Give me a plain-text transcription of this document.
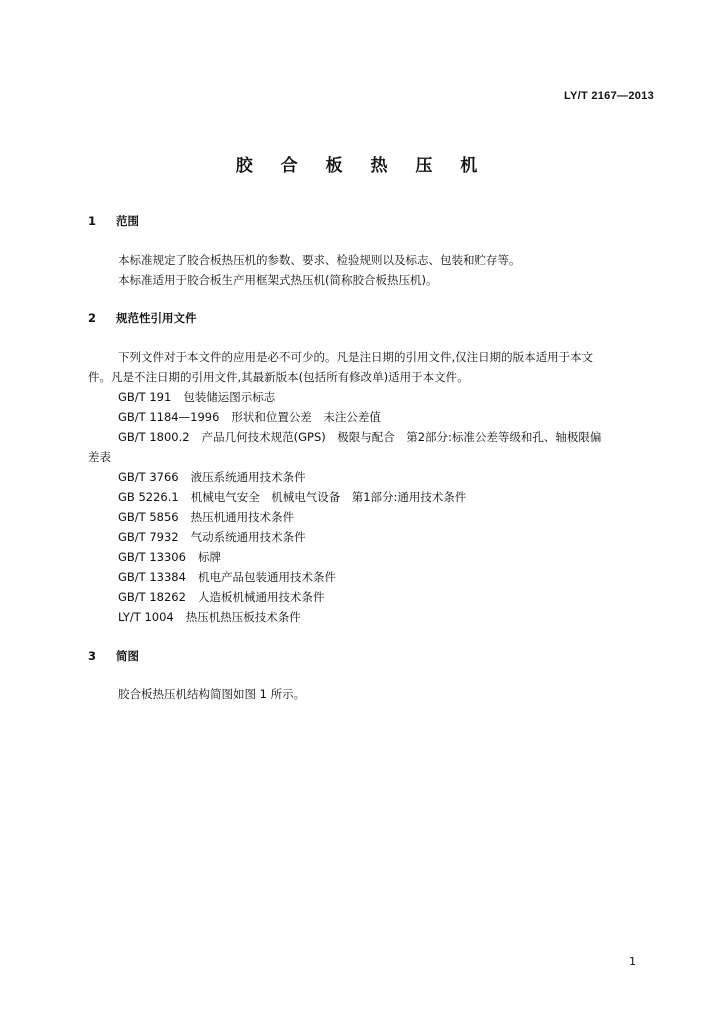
LY/T 2167—2013
胶 合 板 热 压 机
1 范围
本标准规定了胶合板热压机的参数、要求、检验规则以及标志、包装和贮存等。
本标准适用于胶合板生产用框架式热压机(简称胶合板热压机)。
2 规范性引用文件
下列文件对于本文件的应用是必不可少的。凡是注日期的引用文件,仅注日期的版本适用于本文
件。凡是不注日期的引用文件,其最新版本(包括所有修改单)适用于本文件。
GB/T 191 包装储运图示标志
GB/T 1184—1996 形状和位置公差　未注公差值
GB/T 1800.2 产品几何技术规范(GPS)　极限与配合　第2部分:标准公差等级和孔、轴极限偏
差表
GB/T 3766 液压系统通用技术条件
GB 5226.1 机械电气安全　机械电气设备　第1部分:通用技术条件
GB/T 5856 热压机通用技术条件
GB/T 7932 气动系统通用技术条件
GB/T 13306 标牌
GB/T 13384 机电产品包装通用技术条件
GB/T 18262 人造板机械通用技术条件
LY/T 1004 热压机热压板技术条件
3 简图
胶合板热压机结构简图如图 1 所示。
1
